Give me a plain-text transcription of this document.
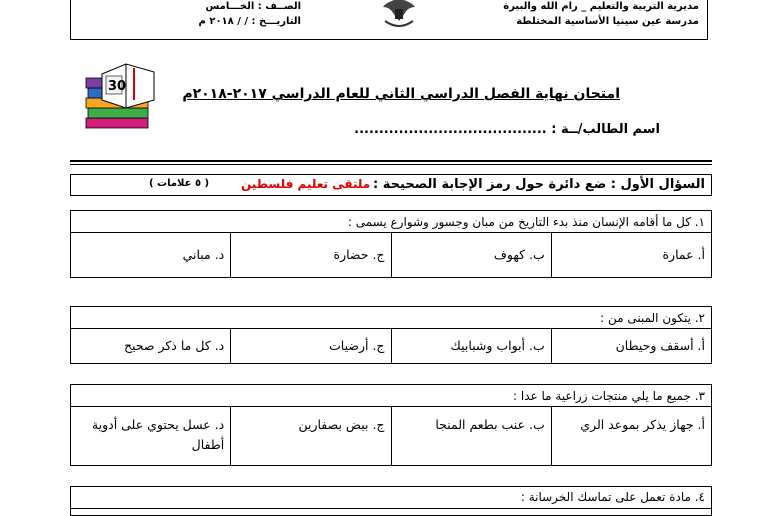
مديرية التربية والتعليم _ رام الله والبيرة
مدرسة عين سينيا الأساسية المختلطة
الصــف : الخـــامس
التاريـــخ : / / ٢٠١٨ م
30	امتحان نهاية الفصل الدراسي الثاني للعام الدراسي ٢٠١٧-٢٠١٨م
اسم الطالب/ــة : .......................................
السؤال الأول : ضع دائرة حول رمز الإجابة الصحيحة :
ملتقى تعليم فلسطين
( ٥ علامات )
١. كل ما أقامه الإنسان منذ بدء التاريخ من مبان وجسور وشوارع يسمى :
أ. عمارة
ب. كهوف
ج. حضارة
د. مباني
٢. يتكون المبنى من :
أ. أسقف وحيطان
ب. أبواب وشبابيك
ج. أرضيات
د. كل ما ذكر صحيح
٣. جميع ما يلي منتجات زراعية ما عدا :
أ. جهاز يذكر بموعد الري
ب. عنب بطعم المنجا
ج. بيض بصفارين
د. عسل يحتوي على أدوية أطفال
٤. مادة تعمل على تماسك الخرسانة :
